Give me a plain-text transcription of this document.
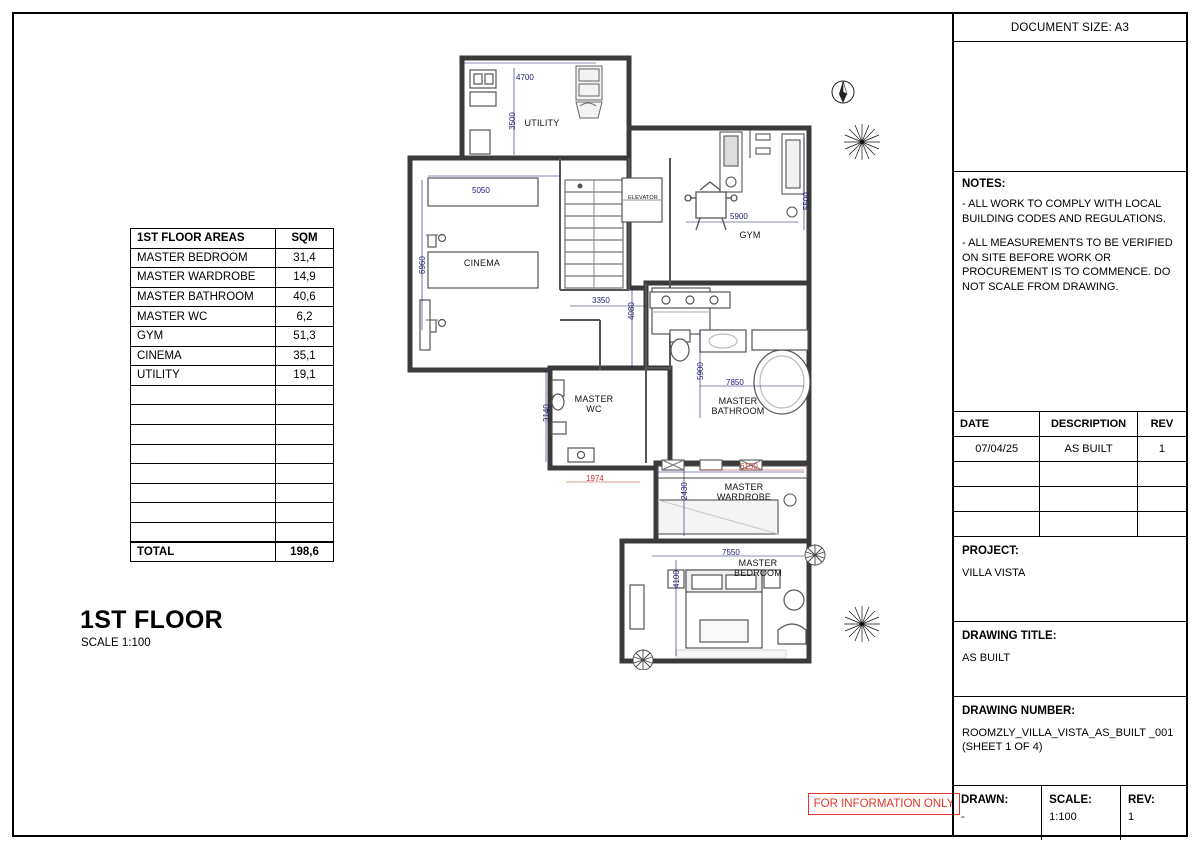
UTILITY
CINEMA
GYM
ELEVATOR
MASTER
WC
MASTER
BATHROOM
MASTER
WARDROBE
MASTER
BEDROOM
4700
3500
5050
6960
5900
5500
3350
4080
5900
7850
3140
1974
6150
2430
7550
4100
1ST FLOOR AREAS	SQM
MASTER BEDROOM	31,4
MASTER WARDROBE	14,9
MASTER BATHROOM	40,6
MASTER WC	6,2
GYM	51,3
CINEMA	35,1
UTILITY	19,1

TOTAL	198,6
1ST FLOOR
SCALE 1:100
FOR INFORMATION ONLY
DOCUMENT SIZE: A3
NOTES:

- ALL WORK TO COMPLY WITH LOCAL BUILDING CODES AND REGULATIONS.

- ALL MEASUREMENTS TO BE VERIFIED ON SITE BEFORE WORK OR PROCUREMENT IS TO COMMENCE. DO NOT SCALE FROM DRAWING.

DATE	DESCRIPTION	REV
07/04/25	AS BUILT	1

PROJECT:
VILLA VISTA
DRAWING TITLE:
AS BUILT
DRAWING NUMBER:
ROOMZLY_VILLA_VISTA_AS_BUILT _001 (SHEET 1 OF 4)
DRAWN:
-
SCALE:
1:100
REV:
1
